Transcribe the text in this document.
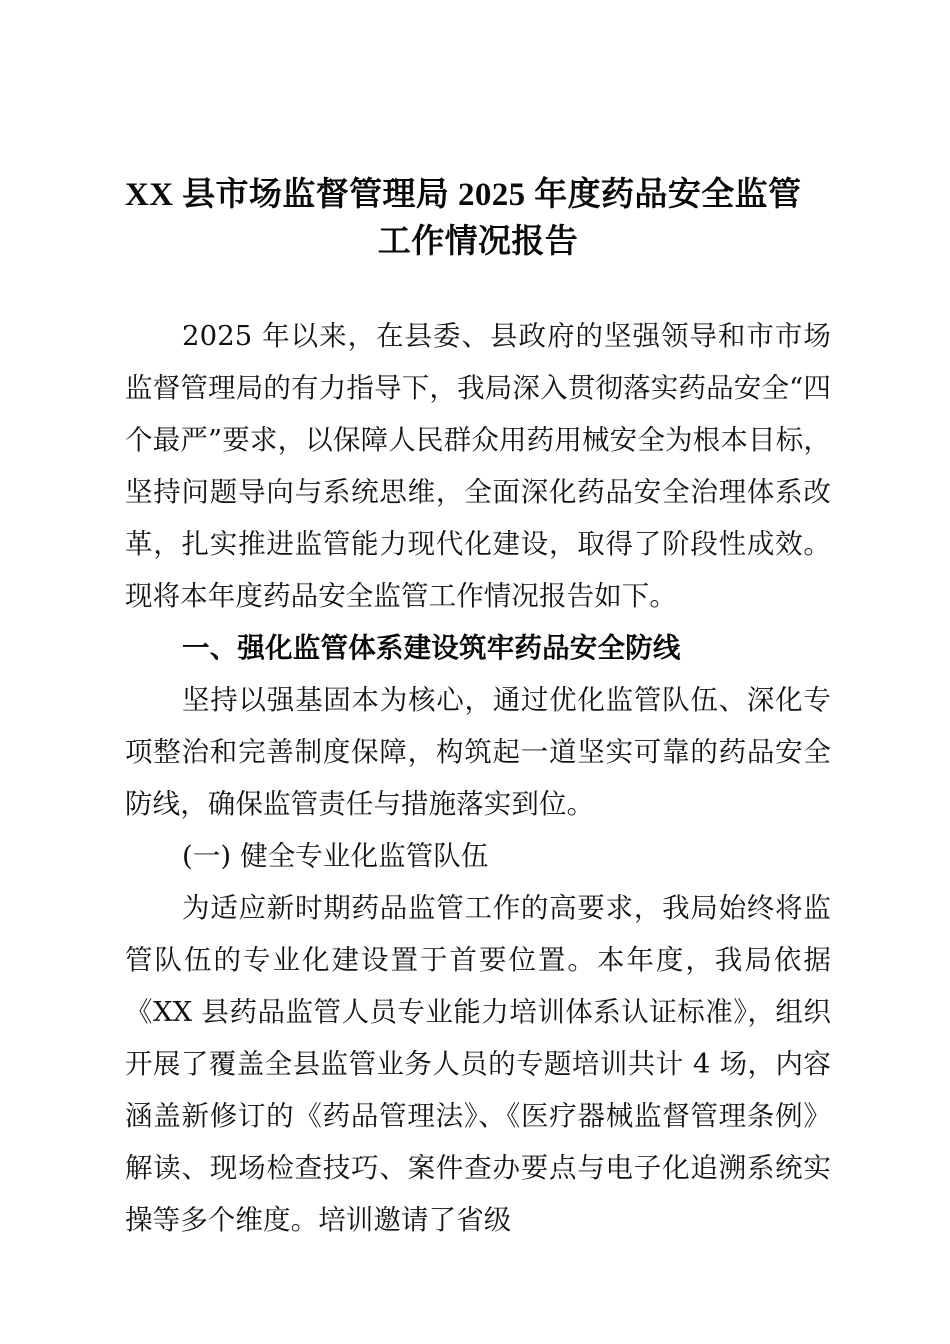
XX 县市场监督管理局 2025 年度药品安全监管
工作情况报告

2025 年以来，在县委、县政府的坚强领导和市市场监督管理局的有力指导下，我局深入贯彻落实药品安全“四个最严”要求，以保障人民群众用药用械安全为根本目标，坚持问题导向与系统思维，全面深化药品安全治理体系改革，扎实推进监管能力现代化建设，取得了阶段性成效。现将本年度药品安全监管工作情况报告如下。

一、强化监管体系建设筑牢药品安全防线

坚持以强基固本为核心，通过优化监管队伍、深化专项整治和完善制度保障，构筑起一道坚实可靠的药品安全防线，确保监管责任与措施落实到位。

(一) 健全专业化监管队伍

为适应新时期药品监管工作的高要求，我局始终将监管队伍的专业化建设置于首要位置。本年度，我局依据《XX 县药品监管人员专业能力培训体系认证标准》，组织开展了覆盖全县监管业务人员的专题培训共计 4 场，内容涵盖新修订的《药品管理法》、《医疗器械监督管理条例》解读、现场检查技巧、案件查办要点与电子化追溯系统实操等多个维度。培训邀请了省级
